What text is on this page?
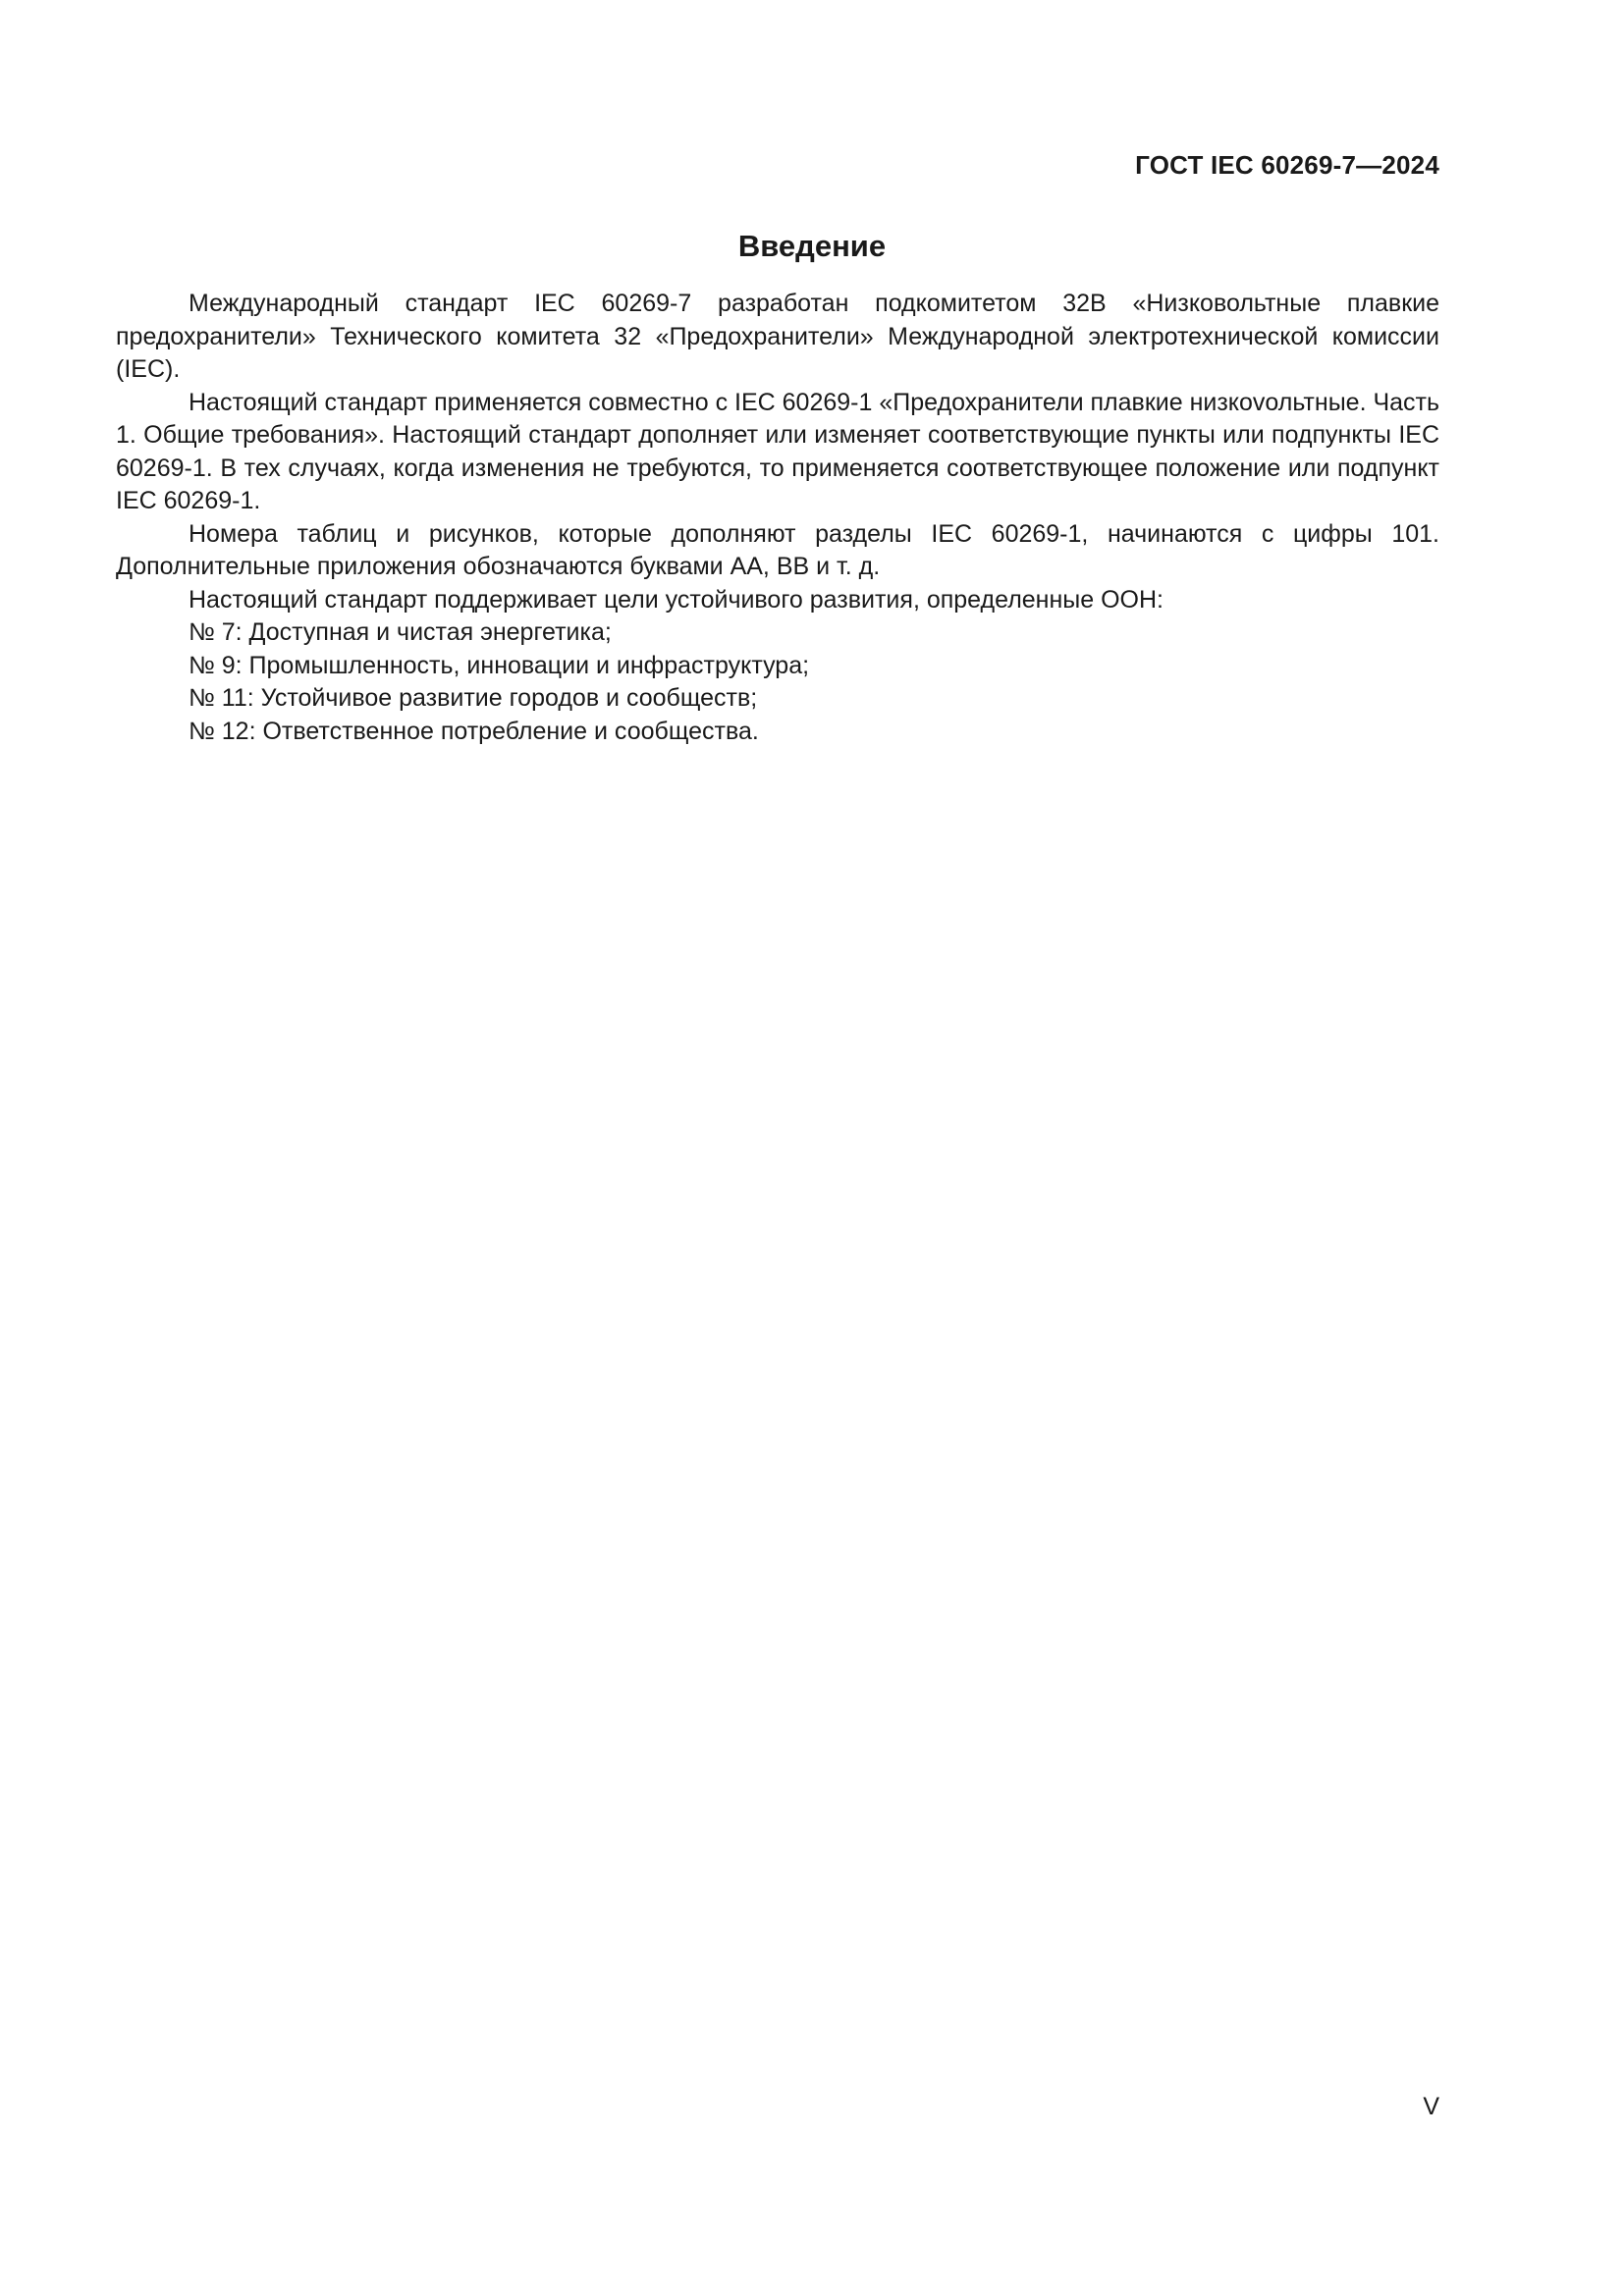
ГОСТ IEC 60269-7—2024
Введение

Международный стандарт IEC 60269-7 разработан подкомитетом 32В «Низковольтные плавкие предохранители» Технического комитета 32 «Предохранители» Международной электротехнической комиссии (IEC).

Настоящий стандарт применяется совместно с IEC 60269-1 «Предохранители плавкие низкоvольтные. Часть 1. Общие требования». Настоящий стандарт дополняет или изменяет соответствующие пункты или подпункты IEC 60269-1. В тех случаях, когда изменения не требуются, то применяется соответствующее положение или подпункт IEC 60269-1.

Номера таблиц и рисунков, которые дополняют разделы IEC 60269-1, начинаются с цифры 101. Дополнительные приложения обозначаются буквами АА, ВВ и т. д.

Настоящий стандарт поддерживает цели устойчивого развития, определенные ООН:

№ 7: Доступная и чистая энергетика;

№ 9: Промышленность, инновации и инфраструктура;

№ 11: Устойчивое развитие городов и сообществ;

№ 12: Ответственное потребление и сообщества.

V
